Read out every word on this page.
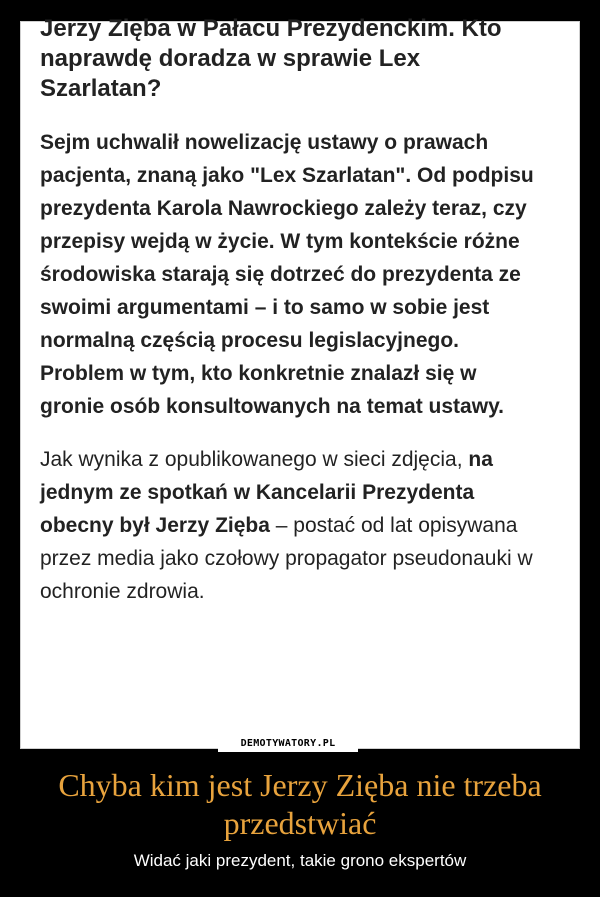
Jerzy Zięba w Pałacu Prezydenckim. Kto naprawdę doradza w sprawie Lex Szarlatan?

Sejm uchwalił nowelizację ustawy o prawach pacjenta, znaną jako "Lex Szarlatan". Od podpisu prezydenta Karola Nawrockiego zależy teraz, czy przepisy wejdą w życie. W tym kontekście różne środowiska starają się dotrzeć do prezydenta ze swoimi argumentami – i to samo w sobie jest normalną częścią procesu legislacyjnego. Problem w tym, kto konkretnie znalazł się w gronie osób konsultowanych na temat ustawy.

Jak wynika z opublikowanego w sieci zdjęcia, na jednym ze spotkań w Kancelarii Prezydenta obecny był Jerzy Zięba – postać od lat opisywana przez media jako czołowy propagator pseudonauki w ochronie zdrowia.

DEMOTYWATORY.PL
Chyba kim jest Jerzy Zięba nie trzeba przedstwiać
Widać jaki prezydent, takie grono ekspertów
